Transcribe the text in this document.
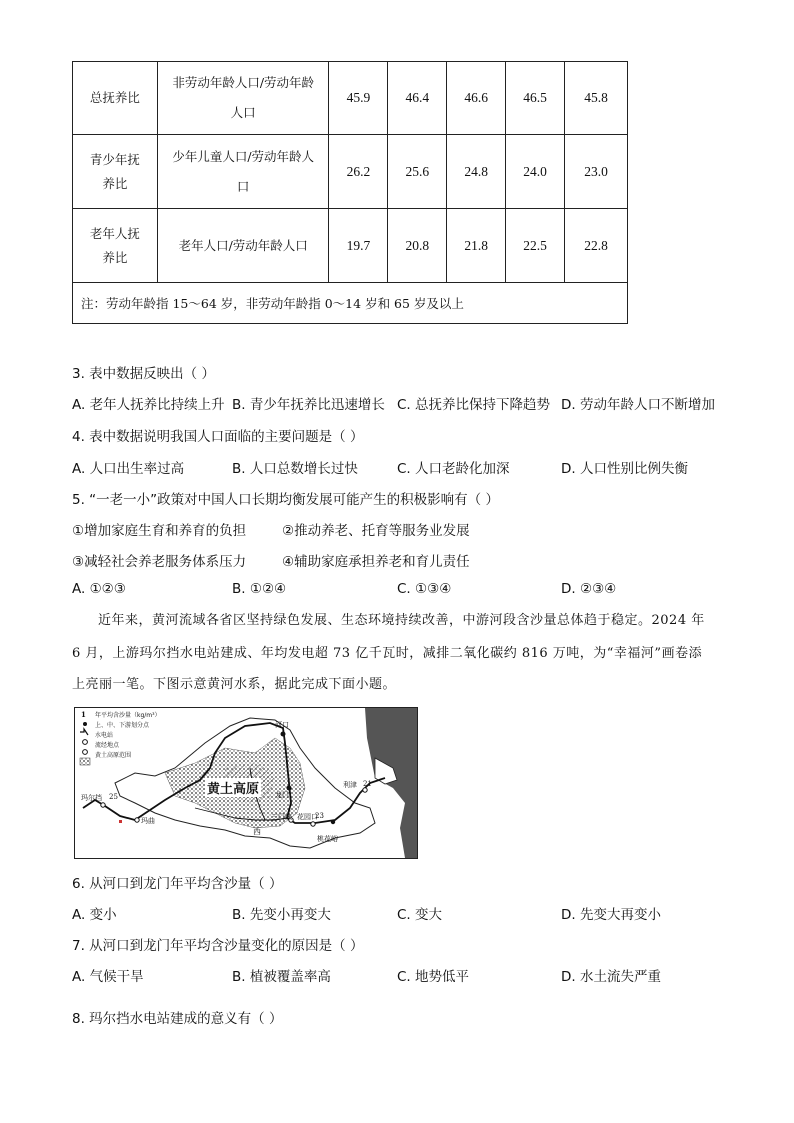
总抚养比	非劳动年龄人口/劳动年龄人口	45.9	46.4	46.6	46.5	45.8
青少年抚养比	少年儿童人口/劳动年龄人口	26.2	25.6	24.8	24.0	23.0
老年人抚养比	老年人口/劳动年龄人口	19.7	20.8	21.8	22.5	22.8
注：劳动年龄指 15～64 岁，非劳动年龄指 0～14 岁和 65 岁及以上						
3. 表中数据反映出（ ）
A. 老年人抚养比持续上升 B. 青少年抚养比迅速增长 C. 总抚养比保持下降趋势 D. 劳动年龄人口不断增加
4. 表中数据说明我国人口面临的主要问题是（ ）
A. 人口出生率过高	B. 人口总数增长过快	C. 人口老龄化加深	D. 人口性别比例失衡
5. “一老一小”政策对中国人口长期均衡发展可能产生的积极影响有（ ）
①增加家庭生育和养育的负担	②推动养老、托育等服务业发展
③减轻社会养老服务体系压力	④辅助家庭承担养老和育儿责任
A. ①②③	B. ①②④	C. ①③④	D. ②③④
近年来，黄河流域各省区坚持绿色发展、生态环境持续改善，中游河段含沙量总体趋于稳定。2024 年
6 月，上游玛尔挡水电站建成、年均发电超 73 亿千瓦时，减排二氧化碳约 816 万吨，为“幸福河”画卷添
上亮丽一笔。下图示意黄河水系，据此完成下面小题。
1 年平均含沙量（kg/m³）
上、中、下游划分点
水电站
流经地点
黄土高原范围
黄土高原
河口
利津 21
玛尔挡 25
玛曲
龙门
西
三门峡 花园口
23
桃花峪
6. 从河口到龙门年平均含沙量（ ）
A. 变小	B. 先变小再变大	C. 变大	D. 先变大再变小
7. 从河口到龙门年平均含沙量变化的原因是（ ）
A. 气候干旱	B. 植被覆盖率高	C. 地势低平	D. 水土流失严重
8. 玛尔挡水电站建成的意义有（ ）
